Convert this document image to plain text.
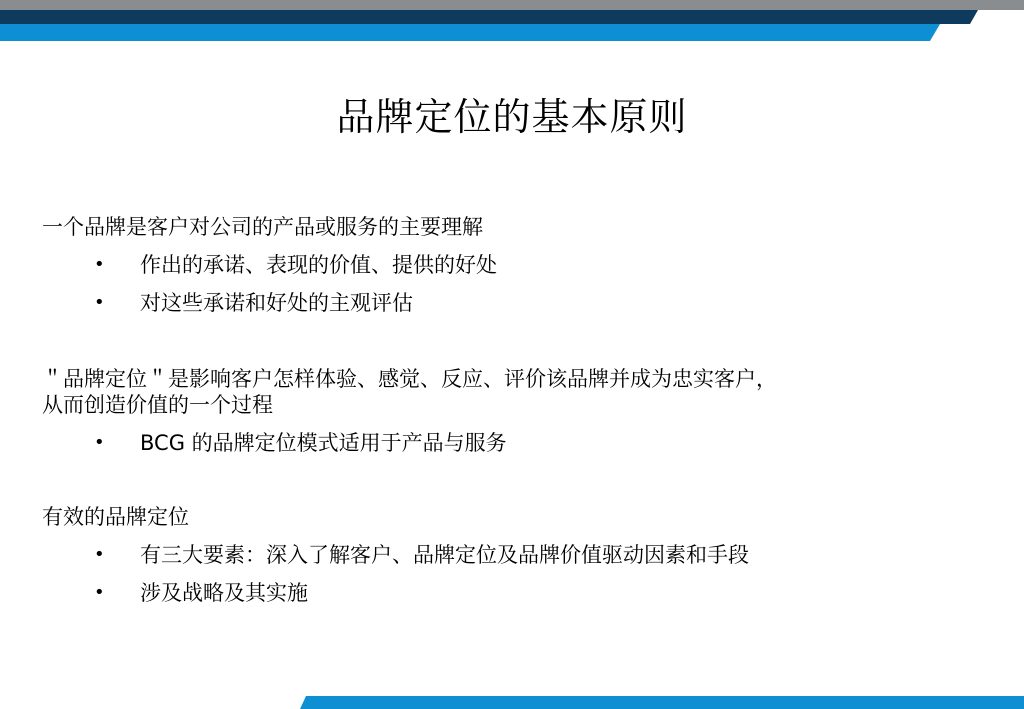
品牌定位的基本原则
一个品牌是客户对公司的产品或服务的主要理解
• 作出的承诺、表现的价值、提供的好处
• 对这些承诺和好处的主观评估
＂品牌定位＂是影响客户怎样体验、感觉、反应、评价该品牌并成为忠实客户，
从而创造价值的一个过程
• BCG 的品牌定位模式适用于产品与服务
有效的品牌定位
• 有三大要素：深入了解客户、品牌定位及品牌价值驱动因素和手段
• 涉及战略及其实施
